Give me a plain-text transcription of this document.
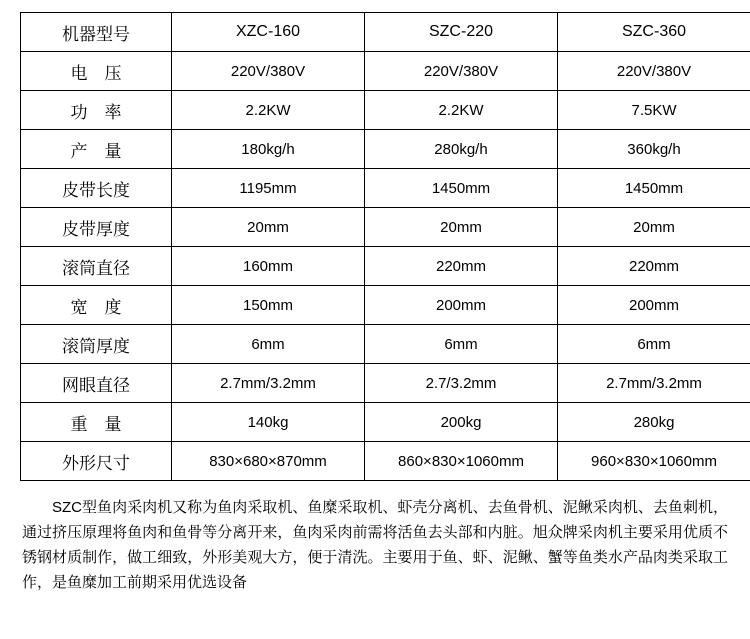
机器型号	XZC-160	SZC-220	SZC-360
电　压	220V/380V	220V/380V	220V/380V
功　率	2.2KW	2.2KW	7.5KW
产　量	180kg/h	280kg/h	360kg/h
皮带长度	1195mm	1450mm	1450mm
皮带厚度	20mm	20mm	20mm
滚筒直径	160mm	220mm	220mm
宽　度	150mm	200mm	200mm
滚筒厚度	6mm	6mm	6mm
网眼直径	2.7mm/3.2mm	2.7/3.2mm	2.7mm/3.2mm
重　量	140kg	200kg	280kg
外形尺寸	830×680×870mm	860×830×1060mm	960×830×1060mm

SZC型鱼肉采肉机又称为鱼肉采取机、鱼糜采取机、虾壳分离机、去鱼骨机、泥鳅采肉机、去鱼刺机，通过挤压原理将鱼肉和鱼骨等分离开来，鱼肉采肉前需将活鱼去头部和内脏。旭众牌采肉机主要采用优质不锈钢材质制作，做工细致，外形美观大方，便于清洗。主要用于鱼、虾、泥鳅、蟹等鱼类水产品肉类采取工作，是鱼糜加工前期采用优选设备
